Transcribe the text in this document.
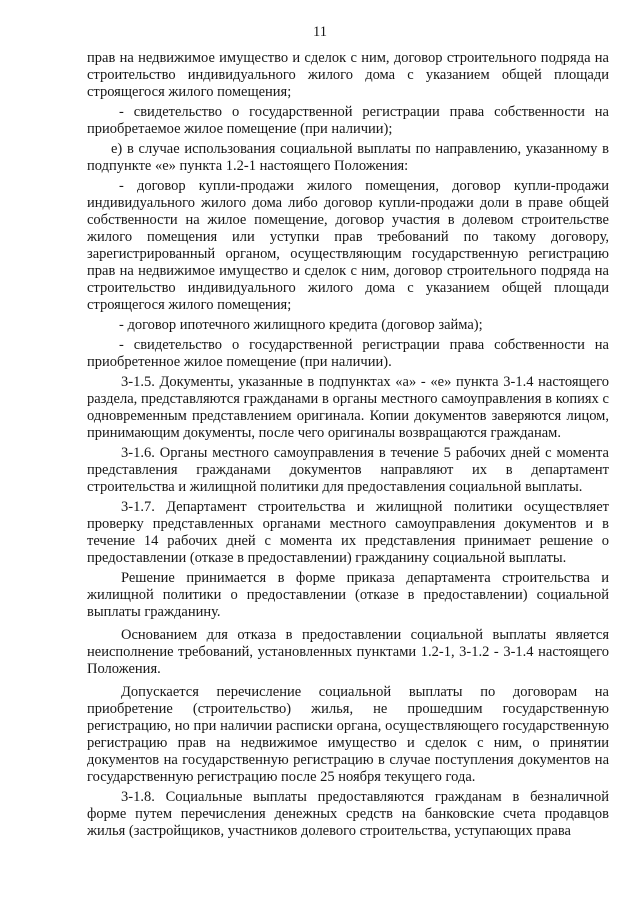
11

прав на недвижимое имущество и сделок с ним, договор строительного подряда на строительство индивидуального жилого дома с указанием общей площади строящегося жилого помещения;

- свидетельство о государственной регистрации права собственности на приобретаемое жилое помещение (при наличии);

е) в случае использования социальной выплаты по направлению, указанному в подпункте «е» пункта 1.2-1 настоящего Положения:

- договор купли-продажи жилого помещения, договор купли-продажи индивидуального жилого дома либо договор купли-продажи доли в праве общей собственности на жилое помещение, договор участия в долевом строительстве жилого помещения или уступки прав требований по такому договору, зарегистрированный органом, осуществляющим государственную регистрацию прав на недвижимое имущество и сделок с ним, договор строительного подряда на строительство индивидуального жилого дома с указанием общей площади строящегося жилого помещения;

- договор ипотечного жилищного кредита (договор займа);

- свидетельство о государственной регистрации права собственности на приобретенное жилое помещение (при наличии).

3-1.5. Документы, указанные в подпунктах «а» - «е» пункта 3-1.4 настоящего раздела, представляются гражданами в органы местного самоуправления в копиях с одновременным представлением оригинала. Копии документов заверяются лицом, принимающим документы, после чего оригиналы возвращаются гражданам.

3-1.6. Органы местного самоуправления в течение 5 рабочих дней с момента представления гражданами документов направляют их в департамент строительства и жилищной политики для предоставления социальной выплаты.

3-1.7. Департамент строительства и жилищной политики осуществляет проверку представленных органами местного самоуправления документов и в течение 14 рабочих дней с момента их представления принимает решение о предоставлении (отказе в предоставлении) гражданину социальной выплаты.

Решение принимается в форме приказа департамента строительства и жилищной политики о предоставлении (отказе в предоставлении) социальной выплаты гражданину.

Основанием для отказа в предоставлении социальной выплаты является неисполнение требований, установленных пунктами 1.2-1, 3-1.2 - 3-1.4 настоящего Положения.

Допускается перечисление социальной выплаты по договорам на приобретение (строительство) жилья, не прошедшим государственную регистрацию, но при наличии расписки органа, осуществляющего государственную регистрацию прав на недвижимое имущество и сделок с ним, о принятии документов на государственную регистрацию в случае поступления документов на государственную регистрацию после 25 ноября текущего года.

3-1.8. Социальные выплаты предоставляются гражданам в безналичной форме путем перечисления денежных средств на банковские счета продавцов жилья (застройщиков, участников долевого строительства, уступающих права
